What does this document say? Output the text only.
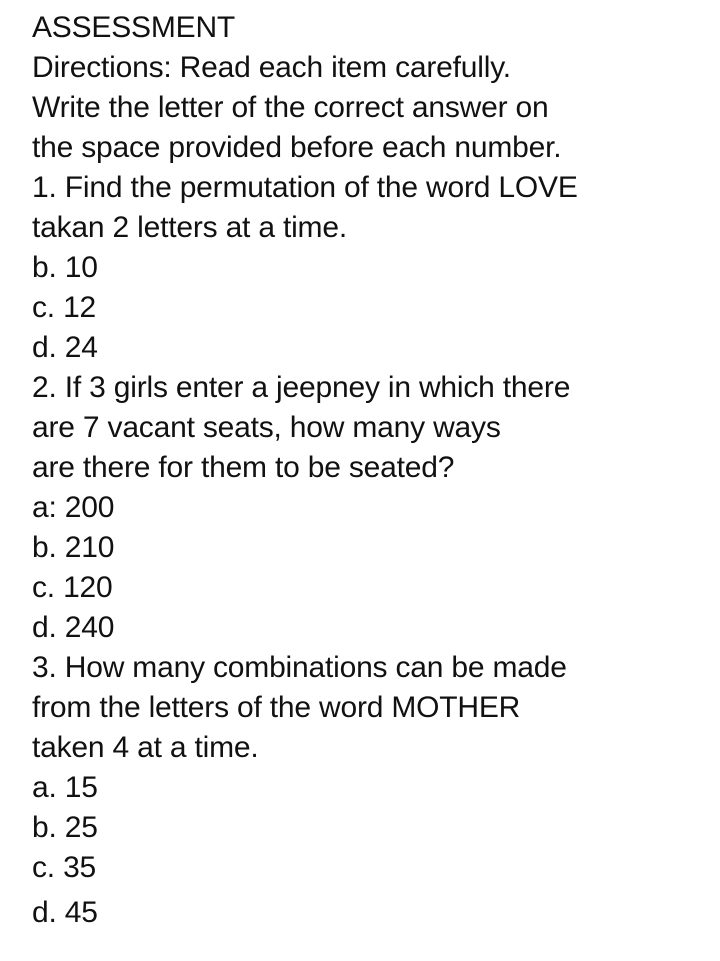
ASSESSMENT
Directions: Read each item carefully.
Write the letter of the correct answer on
the space provided before each number.
1. Find the permutation of the word LOVE
takan 2 letters at a time.
b. 10
c. 12
d. 24
2. If 3 girls enter a jeepney in which there
are 7 vacant seats, how many ways
are there for them to be seated?
a: 200
b. 210
c. 120
d. 240
3. How many combinations can be made
from the letters of the word MOTHER
taken 4 at a time.
a. 15
b. 25
c. 35
d. 45
